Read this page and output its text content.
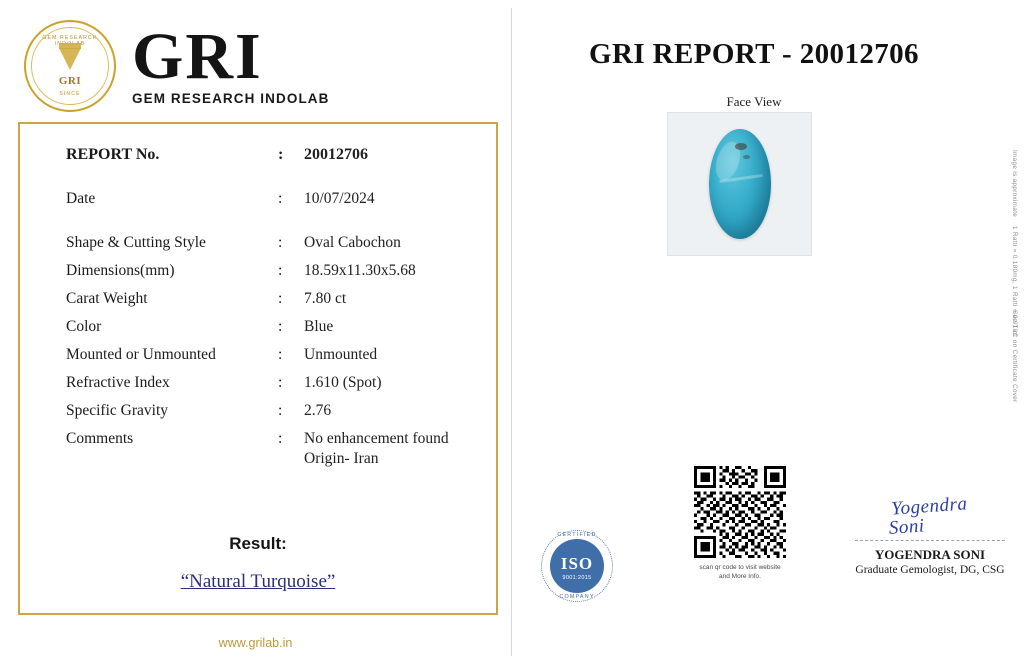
GEM RESEARCH INDOLAB
GRI
SINCE
GRI
GEM RESEARCH INDOLAB
REPORT No.	:	20012706
Date	:	10/07/2024
Shape & Cutting Style	:	Oval Cabochon
Dimensions(mm)	:	18.59x11.30x5.68
Carat Weight	:	7.80 ct
Color	:	Blue
Mounted or Unmounted	:	Unmounted
Refractive Index	:	1.610 (Spot)
Specific Gravity	:	2.76
Comments	:	No enhancement found
Origin- Iran
Result:
“Natural Turquoise”
www.grilab.in
GRI REPORT - 20012706
Face View
Image is approximate
1 Ratti = 0.180mg, 1 Ratti = 0.91 ct
See T&C on Certificate Cover
CERTIFIED
ISO
9001:2015
COMPANY
scan qr code to visit website
and More Info.
Yogendra
Soni
YOGENDRA SONI
Graduate Gemologist, DG, CSG
